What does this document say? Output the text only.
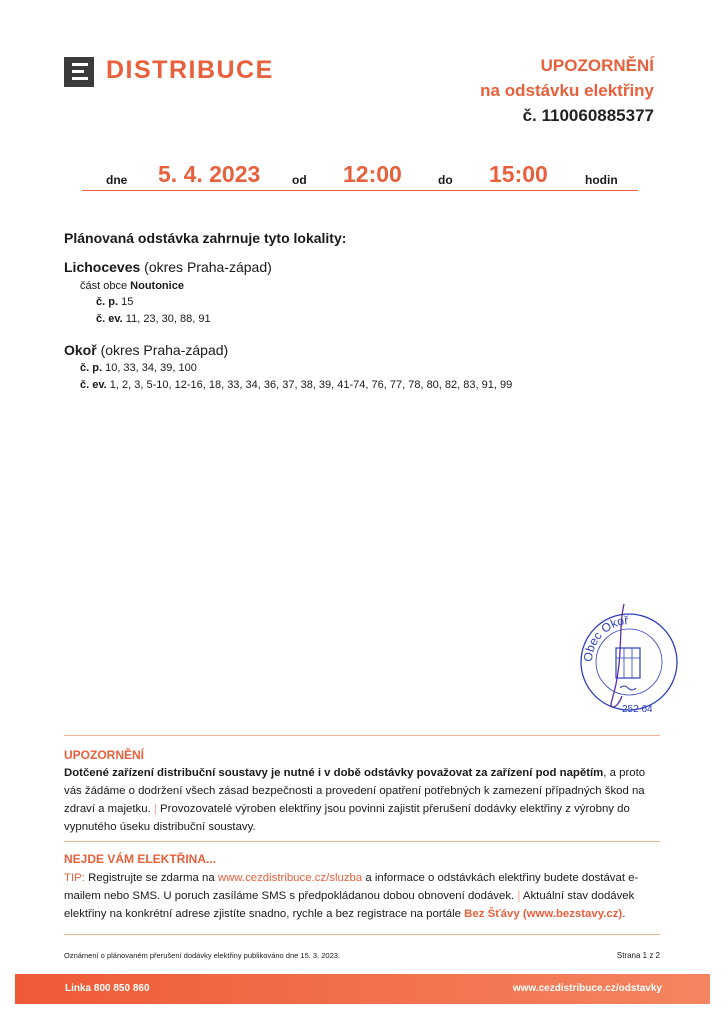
DISTRIBUCE	UPOZORNĚNÍ
na odstávku elektřiny
č. 110060885377
dne 5. 4. 2023	od 12:00	do 15:00	hodin
Plánovaná odstávka zahrnuje tyto lokality:
Lichoceves (okres Praha-západ)
část obce Noutonice
č. p. 15
č. ev. 11, 23, 30, 88, 91
Okoř (okres Praha-západ)
č. p. 10, 33, 34, 39, 100
č. ev. 1, 2, 3, 5-10, 12-16, 18, 33, 34, 36, 37, 38, 39, 41-74, 76, 77, 78, 80, 82, 83, 91, 99
Obec Okoř
252 64
UPOZORNĚNÍ
Dotčené zařízení distribuční soustavy je nutné i v době odstávky považovat za zařízení pod napětím, a proto vás žádáme o dodržení všech zásad bezpečnosti a provedení opatření potřebných k zamezení případných škod na zdraví a majetku. | Provozovatelé výroben elektřiny jsou povinni zajistit přerušení dodávky elektřiny z výrobny do vypnutého úseku distribuční soustavy.
NEJDE VÁM ELEKTŘINA...
TIP: Registrujte se zdarma na www.cezdistribuce.cz/sluzba a informace o odstávkách elektřiny budete dostávat e-mailem nebo SMS. U poruch zasíláme SMS s předpokládanou dobou obnovení dodávek. | Aktuální stav dodávek elektřiny na konkrétní adrese zjistíte snadno, rychle a bez registrace na portále Bez Šťávy (www.bezstavy.cz).
Oznámení o plánovaném přerušení dodávky elektřiny publikováno dne 15. 3. 2023.	Strana 1 z 2
Linka 800 850 860	www.cezdistribuce.cz/odstavky
